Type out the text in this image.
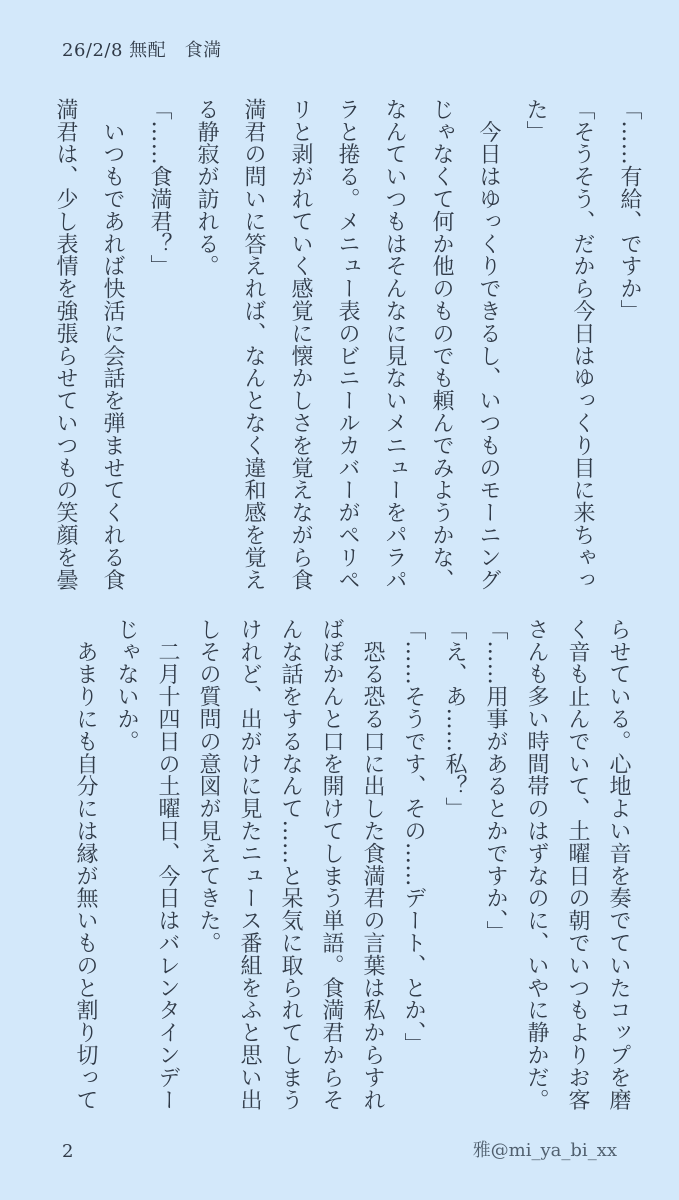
26/2/8 無配　食満
「……有給、ですか」
「そうそう、だから今日はゆっくり目に来ちゃっ
た」
　今日はゆっくりできるし、いつものモーニング
じゃなくて何か他のものでも頼んでみようかな、
なんていつもはそんなに見ないメニューをパラパ
ラと捲る。メニュー表のビニールカバーがペリペ
リと剥がれていく感覚に懐かしさを覚えながら食
満君の問いに答えれば、なんとなく違和感を覚え
る静寂が訪れる。
「……食満君？」
　いつもであれば快活に会話を弾ませてくれる食
満君は、少し表情を強張らせていつもの笑顔を曇
らせている。心地よい音を奏でていたコップを磨
く音も止んでいて、土曜日の朝でいつもよりお客
さんも多い時間帯のはずなのに、いやに静かだ。
「……用事があるとかですか、」
「え、あ……私？」
「……そうです、その……デート、とか、」
　恐る恐る口に出した食満君の言葉は私からすれ
ばぽかんと口を開けてしまう単語。食満君からそ
んな話をするなんて……と呆気に取られてしまう
けれど、出がけに見たニュース番組をふと思い出
しその質問の意図が見えてきた。
　二月十四日の土曜日、今日はバレンタインデー
じゃないか。
　あまりにも自分には縁が無いものと割り切って
2	雅@mi_ya_bi_xx
